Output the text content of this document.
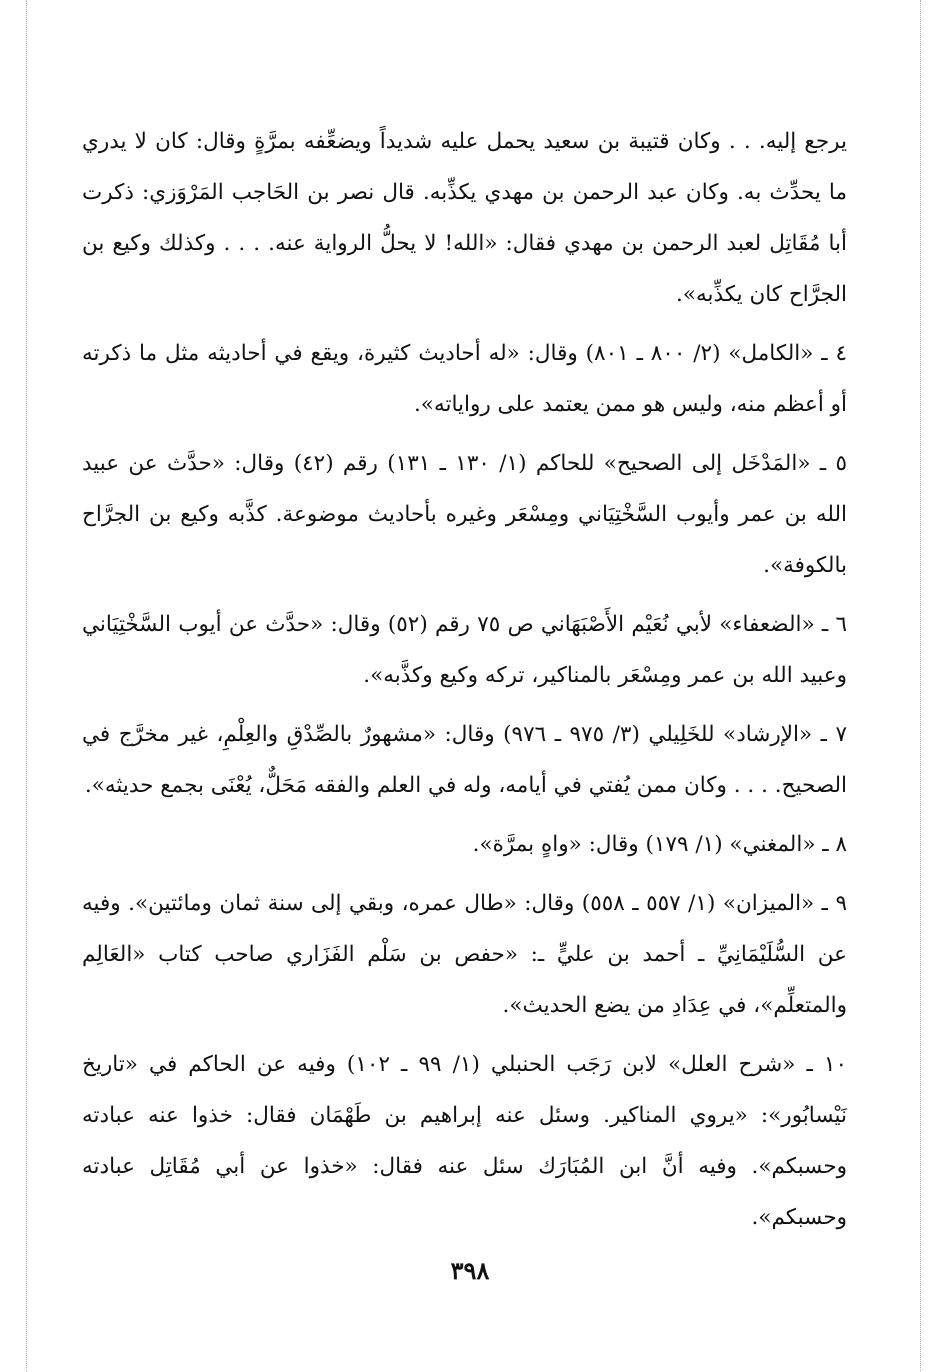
يرجع إليه. . . وكان قتيبة بن سعيد يحمل عليه شديداً ويضعِّفه بمرَّةٍ وقال: كان لا يدري ما يحدِّث به. وكان عبد الرحمن بن مهدي يكذِّبه. قال نصر بن الحَاجب المَرْوَزي: ذكرت أبا مُقَاتِل لعبد الرحمن بن مهدي فقال: «الله! لا يحلُّ الرواية عنه. . . . وكذلك وكيع بن الجرَّاح كان يكذِّبه».

٤ ـ «الكامل» (٢/ ٨٠٠ ـ ٨٠١) وقال: «له أحاديث كثيرة، ويقع في أحاديثه مثل ما ذكرته أو أعظم منه، وليس هو ممن يعتمد على رواياته».

٥ ـ «المَدْخَل إلى الصحيح» للحاكم (١/ ١٣٠ ـ ١٣١) رقم (٤٢) وقال: «حدَّث عن عبيد الله بن عمر وأيوب السَّخْتِيَاني ومِسْعَر وغيره بأحاديث موضوعة. كذَّبه وكيع بن الجرَّاح بالكوفة».

٦ ـ «الضعفاء» لأبي نُعَيْم الأَصْبَهَاني ص ٧٥ رقم (٥٢) وقال: «حدَّث عن أيوب السَّخْتِيَاني وعبيد الله بن عمر ومِسْعَر بالمناكير، تركه وكيع وكذَّبه».

٧ ـ «الإرشاد» للخَلِيلي (٣/ ٩٧٥ ـ ٩٧٦) وقال: «مشهورٌ بالصِّدْقِ والعِلْمِ، غير مخرَّج في الصحيح. . . . وكان ممن يُفتي في أيامه، وله في العلم والفقه مَحَلٌّ، يُعْنَى بجمع حديثه».

٨ ـ «المغني» (١/ ١٧٩) وقال: «واهٍ بمرَّة».

٩ ـ «الميزان» (١/ ٥٥٧ ـ ٥٥٨) وقال: «طال عمره، وبقي إلى سنة ثمان ومائتين». وفيه عن السُّلَيْمَانِيِّ ـ أحمد بن عليٍّ ـ: «حفص بن سَلْم الفَزَاري صاحب كتاب «العَالِم والمتعلِّم»، في عِدَادِ من يضع الحديث».

١٠ ـ «شرح العلل» لابن رَجَب الحنبلي (١/ ٩٩ ـ ١٠٢) وفيه عن الحاكم في «تاريخ نَيْسابُور»: «يروي المناكير. وسئل عنه إبراهيم بن طَهْمَان فقال: خذوا عنه عبادته وحسبكم». وفيه أنَّ ابن المُبَارَك سئل عنه فقال: «خذوا عن أبي مُقَاتِل عبادته وحسبكم».

٣٩٨
